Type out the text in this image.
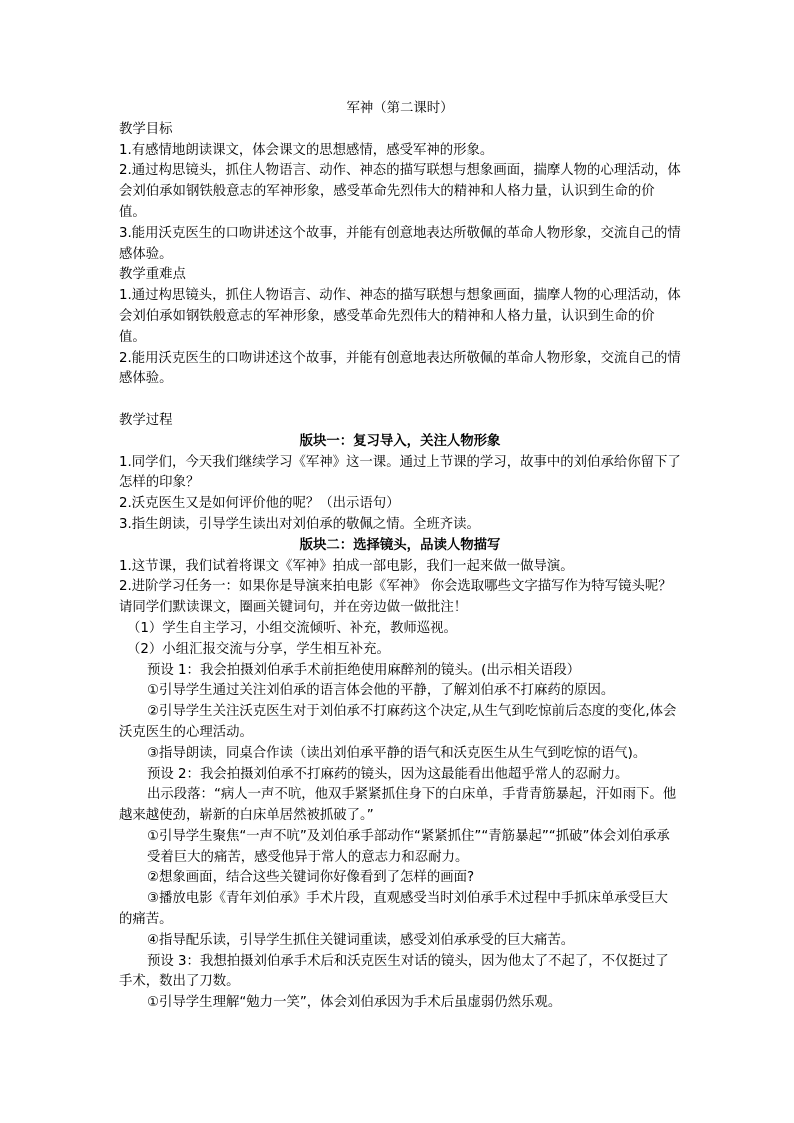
军神（第二课时）

教学目标

1.有感情地朗读课文，体会课文的思想感情，感受军神的形象。

2.通过构思镜头，抓住人物语言、动作、神态的描写联想与想象画面，揣摩人物的心理活动，体会刘伯承如钢铁般意志的军神形象，感受革命先烈伟大的精神和人格力量，认识到生命的价值。

3.能用沃克医生的口吻讲述这个故事，并能有创意地表达所敬佩的革命人物形象，交流自己的情感体验。

教学重难点

1.通过构思镜头，抓住人物语言、动作、神态的描写联想与想象画面，揣摩人物的心理活动，体会刘伯承如钢铁般意志的军神形象，感受革命先烈伟大的精神和人格力量，认识到生命的价值。

2.能用沃克医生的口吻讲述这个故事，并能有创意地表达所敬佩的革命人物形象，交流自己的情感体验。

教学过程

版块一：复习导入，关注人物形象

1.同学们，今天我们继续学习《军神》这一课。通过上节课的学习，故事中的刘伯承给你留下了怎样的印象？

2.沃克医生又是如何评价他的呢？（出示语句）

3.指生朗读，引导学生读出对刘伯承的敬佩之情。全班齐读。

版块二：选择镜头，品读人物描写

1.这节课，我们试着将课文《军神》拍成一部电影，我们一起来做一做导演。

2.进阶学习任务一：如果你是导演来拍电影《军神》 你会选取哪些文字描写作为特写镜头呢？请同学们默读课文，圈画关键词句，并在旁边做一做批注！

（1）学生自主学习，小组交流倾听、补充，教师巡视。

（2）小组汇报交流与分享，学生相互补充。

预设 1：我会拍摄刘伯承手术前拒绝使用麻醉剂的镜头。(出示相关语段）

①引导学生通过关注刘伯承的语言体会他的平静，了解刘伯承不打麻药的原因。

②引导学生关注沃克医生对于刘伯承不打麻药这个决定,从生气到吃惊前后态度的变化,体会沃克医生的心理活动。

③指导朗读，同桌合作读（读出刘伯承平静的语气和沃克医生从生气到吃惊的语气)。

预设 2：我会拍摄刘伯承不打麻药的镜头，因为这最能看出他超乎常人的忍耐力。

出示段落：“病人一声不吭，他双手紧紧抓住身下的白床单，手背青筋暴起，汗如雨下。他越来越使劲，崭新的白床单居然被抓破了。”

①引导学生聚焦“一声不吭”及刘伯承手部动作“紧紧抓住”“青筋暴起”“抓破”体会刘伯承承受着巨大的痛苦，感受他异于常人的意志力和忍耐力。

②想象画面，结合这些关键词你好像看到了怎样的画面?

③播放电影《青年刘伯承》手术片段，直观感受当时刘伯承手术过程中手抓床单承受巨大的痛苦。

④指导配乐读，引导学生抓住关键词重读，感受刘伯承承受的巨大痛苦。

预设 3：我想拍摄刘伯承手术后和沃克医生对话的镜头，因为他太了不起了，不仅挺过了手术，数出了刀数。

①引导学生理解“勉力一笑”，体会刘伯承因为手术后虽虚弱仍然乐观。
